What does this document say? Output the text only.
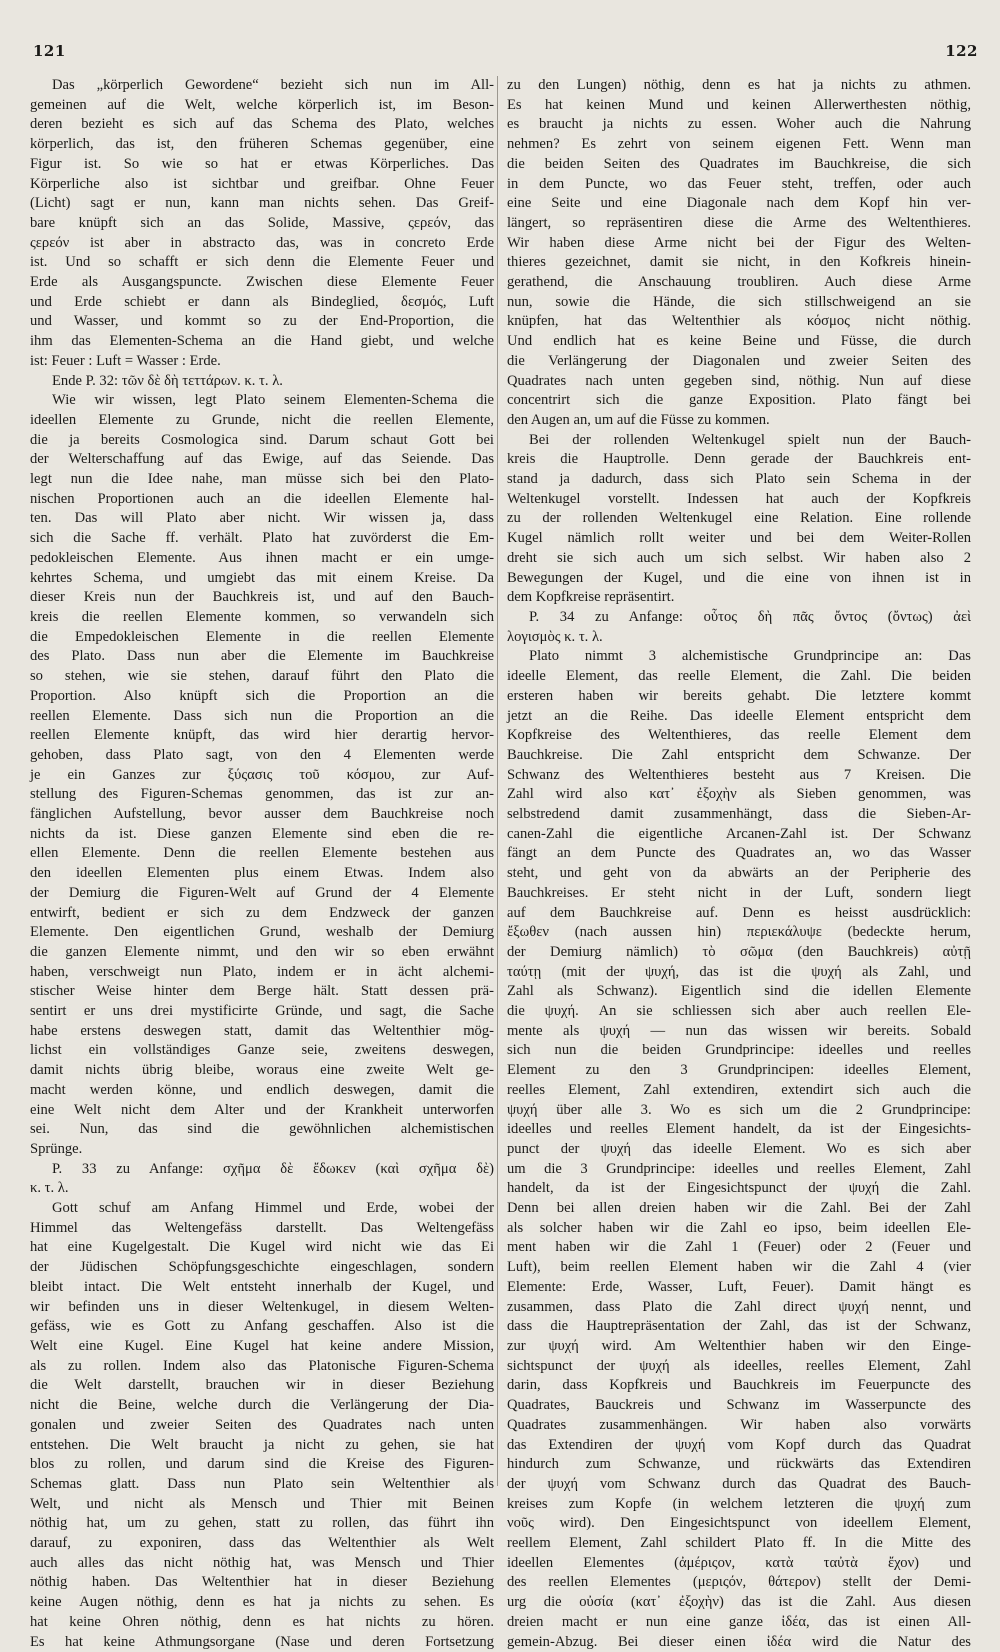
121	122
Das „körperlich Gewordene“ bezieht sich nun im All-
gemeinen auf die Welt, welche körperlich ist, im Beson-
deren bezieht es sich auf das Schema des Plato, welches
körperlich, das ist, den früheren Schemas gegenüber, eine
Figur ist. So wie so hat er etwas Körperliches. Das
Körperliche also ist sichtbar und greifbar. Ohne Feuer
(Licht) sagt er nun, kann man nichts sehen. Das Greif-
bare knüpft sich an das Solide, Massive, ςερεόν, das
ςερεόν ist aber in abstracto das, was in concreto Erde
ist. Und so schafft er sich denn die Elemente Feuer und
Erde als Ausgangspuncte. Zwischen diese Elemente Feuer
und Erde schiebt er dann als Bindeglied, δεσμός, Luft
und Wasser, und kommt so zu der End-Proportion, die
ihm das Elementen-Schema an die Hand giebt, und welche
ist: Feuer : Luft = Wasser : Erde.
Ende P. 32: τῶν δὲ δὴ τεττάρων. κ. τ. λ.
Wie wir wissen, legt Plato seinem Elementen-Schema die
ideellen Elemente zu Grunde, nicht die reellen Elemente,
die ja bereits Cosmologica sind. Darum schaut Gott bei
der Welterschaffung auf das Ewige, auf das Seiende. Das
legt nun die Idee nahe, man müsse sich bei den Plato-
nischen Proportionen auch an die ideellen Elemente hal-
ten. Das will Plato aber nicht. Wir wissen ja, dass
sich die Sache ff. verhält. Plato hat zuvörderst die Em-
pedokleischen Elemente. Aus ihnen macht er ein umge-
kehrtes Schema, und umgiebt das mit einem Kreise. Da
dieser Kreis nun der Bauchkreis ist, und auf den Bauch-
kreis die reellen Elemente kommen, so verwandeln sich
die Empedokleischen Elemente in die reellen Elemente
des Plato. Dass nun aber die Elemente im Bauchkreise
so stehen, wie sie stehen, darauf führt den Plato die
Proportion. Also knüpft sich die Proportion an die
reellen Elemente. Dass sich nun die Proportion an die
reellen Elemente knüpft, das wird hier derartig hervor-
gehoben, dass Plato sagt, von den 4 Elementen werde
je ein Ganzes zur ξύςασις τοῦ κόσμου, zur Auf-
stellung des Figuren-Schemas genommen, das ist zur an-
fänglichen Aufstellung, bevor ausser dem Bauchkreise noch
nichts da ist. Diese ganzen Elemente sind eben die re-
ellen Elemente. Denn die reellen Elemente bestehen aus
den ideellen Elementen plus einem Etwas. Indem also
der Demiurg die Figuren-Welt auf Grund der 4 Elemente
entwirft, bedient er sich zu dem Endzweck der ganzen
Elemente. Den eigentlichen Grund, weshalb der Demiurg
die ganzen Elemente nimmt, und den wir so eben erwähnt
haben, verschweigt nun Plato, indem er in ächt alchemi-
stischer Weise hinter dem Berge hält. Statt dessen prä-
sentirt er uns drei mystificirte Gründe, und sagt, die Sache
habe erstens deswegen statt, damit das Weltenthier mög-
lichst ein vollständiges Ganze seie, zweitens deswegen,
damit nichts übrig bleibe, woraus eine zweite Welt ge-
macht werden könne, und endlich deswegen, damit die
eine Welt nicht dem Alter und der Krankheit unterworfen
sei. Nun, das sind die gewöhnlichen alchemistischen
Sprünge.
P. 33 zu Anfange: σχῆμα δὲ ἔδωκεν (καὶ σχῆμα δὲ)
κ. τ. λ.
Gott schuf am Anfang Himmel und Erde, wobei der
Himmel das Weltengefäss darstellt. Das Weltengefäss
hat eine Kugelgestalt. Die Kugel wird nicht wie das Ei
der Jüdischen Schöpfungsgeschichte eingeschlagen, sondern
bleibt intact. Die Welt entsteht innerhalb der Kugel, und
wir befinden uns in dieser Weltenkugel, in diesem Welten-
gefäss, wie es Gott zu Anfang geschaffen. Also ist die
Welt eine Kugel. Eine Kugel hat keine andere Mission,
als zu rollen. Indem also das Platonische Figuren-Schema
die Welt darstellt, brauchen wir in dieser Beziehung
nicht die Beine, welche durch die Verlängerung der Dia-
gonalen und zweier Seiten des Quadrates nach unten
entstehen. Die Welt braucht ja nicht zu gehen, sie hat
blos zu rollen, und darum sind die Kreise des Figuren-
Schemas glatt. Dass nun Plato sein Weltenthier als
Welt, und nicht als Mensch und Thier mit Beinen
nöthig hat, um zu gehen, statt zu rollen, das führt ihn
darauf, zu exponiren, dass das Weltenthier als Welt
auch alles das nicht nöthig hat, was Mensch und Thier
nöthig haben. Das Weltenthier hat in dieser Beziehung
keine Augen nöthig, denn es hat ja nichts zu sehen. Es
hat keine Ohren nöthig, denn es hat nichts zu hören.
Es hat keine Athmungsorgane (Nase und deren Fortsetzung
zu den Lungen) nöthig, denn es hat ja nichts zu athmen.
Es hat keinen Mund und keinen Allerwerthesten nöthig,
es braucht ja nichts zu essen. Woher auch die Nahrung
nehmen? Es zehrt von seinem eigenen Fett. Wenn man
die beiden Seiten des Quadrates im Bauchkreise, die sich
in dem Puncte, wo das Feuer steht, treffen, oder auch
eine Seite und eine Diagonale nach dem Kopf hin ver-
längert, so repräsentiren diese die Arme des Weltenthieres.
Wir haben diese Arme nicht bei der Figur des Welten-
thieres gezeichnet, damit sie nicht, in den Kofkreis hinein-
gerathend, die Anschauung troubliren. Auch diese Arme
nun, sowie die Hände, die sich stillschweigend an sie
knüpfen, hat das Weltenthier als κόσμος nicht nöthig.
Und endlich hat es keine Beine und Füsse, die durch
die Verlängerung der Diagonalen und zweier Seiten des
Quadrates nach unten gegeben sind, nöthig. Nun auf diese
concentrirt sich die ganze Exposition. Plato fängt bei
den Augen an, um auf die Füsse zu kommen.
Bei der rollenden Weltenkugel spielt nun der Bauch-
kreis die Hauptrolle. Denn gerade der Bauchkreis ent-
stand ja dadurch, dass sich Plato sein Schema in der
Weltenkugel vorstellt. Indessen hat auch der Kopfkreis
zu der rollenden Weltenkugel eine Relation. Eine rollende
Kugel nämlich rollt weiter und bei dem Weiter-Rollen
dreht sie sich auch um sich selbst. Wir haben also 2
Bewegungen der Kugel, und die eine von ihnen ist in
dem Kopfkreise repräsentirt.
P. 34 zu Anfange: οὗτος δὴ πᾶς ὄντος (ὄντως) ἀεὶ
λογισμὸς κ. τ. λ.
Plato nimmt 3 alchemistische Grundprincipe an: Das
ideelle Element, das reelle Element, die Zahl. Die beiden
ersteren haben wir bereits gehabt. Die letztere kommt
jetzt an die Reihe. Das ideelle Element entspricht dem
Kopfkreise des Weltenthieres, das reelle Element dem
Bauchkreise. Die Zahl entspricht dem Schwanze. Der
Schwanz des Weltenthieres besteht aus 7 Kreisen. Die
Zahl wird also κατ᾽ ἐξοχὴν als Sieben genommen, was
selbstredend damit zusammenhängt, dass die Sieben-Ar-
canen-Zahl die eigentliche Arcanen-Zahl ist. Der Schwanz
fängt an dem Puncte des Quadrates an, wo das Wasser
steht, und geht von da abwärts an der Peripherie des
Bauchkreises. Er steht nicht in der Luft, sondern liegt
auf dem Bauchkreise auf. Denn es heisst ausdrücklich:
ἔξωθεν (nach aussen hin) περιεκάλυψε (bedeckte herum,
der Demiurg nämlich) τὸ σῶμα (den Bauchkreis) αὐτῇ
ταύτῃ (mit der ψυχή, das ist die ψυχή als Zahl, und
Zahl als Schwanz). Eigentlich sind die idellen Elemente
die ψυχή. An sie schliessen sich aber auch reellen Ele-
mente als ψυχή — nun das wissen wir bereits. Sobald
sich nun die beiden Grundprincipe: ideelles und reelles
Element zu den 3 Grundprincipen: ideelles Element,
reelles Element, Zahl extendiren, extendirt sich auch die
ψυχή über alle 3. Wo es sich um die 2 Grundprincipe:
ideelles und reelles Element handelt, da ist der Eingesichts-
punct der ψυχή das ideelle Element. Wo es sich aber
um die 3 Grundprincipe: ideelles und reelles Element, Zahl
handelt, da ist der Eingesichtspunct der ψυχή die Zahl.
Denn bei allen dreien haben wir die Zahl. Bei der Zahl
als solcher haben wir die Zahl eo ipso, beim ideellen Ele-
ment haben wir die Zahl 1 (Feuer) oder 2 (Feuer und
Luft), beim reellen Element haben wir die Zahl 4 (vier
Elemente: Erde, Wasser, Luft, Feuer). Damit hängt es
zusammen, dass Plato die Zahl direct ψυχή nennt, und
dass die Hauptrepräsentation der Zahl, das ist der Schwanz,
zur ψυχή wird. Am Weltenthier haben wir den Einge-
sichtspunct der ψυχή als ideelles, reelles Element, Zahl
darin, dass Kopfkreis und Bauchkreis im Feuerpuncte des
Quadrates, Bauckreis und Schwanz im Wasserpuncte des
Quadrates zusammenhängen. Wir haben also vorwärts
das Extendiren der ψυχή vom Kopf durch das Quadrat
hindurch zum Schwanze, und rückwärts das Extendiren
der ψυχή vom Schwanz durch das Quadrat des Bauch-
kreises zum Kopfe (in welchem letzteren die ψυχή zum
νοῦς wird). Den Eingesichtspunct von ideellem Element,
reellem Element, Zahl schildert Plato ff. In die Mitte des
ideellen Elementes (ἀμέριςον, κατὰ ταὐτὰ ἔχον) und
des reellen Elementes (μεριςόν, θάτερον) stellt der Demi-
urg die οὐσία (κατ᾽ ἐξοχὴν) das ist die Zahl. Aus diesen
dreien macht er nun eine ganze ἰδέα, das ist einen All-
gemein-Abzug. Bei dieser einen ἰδέα wird die Natur des
